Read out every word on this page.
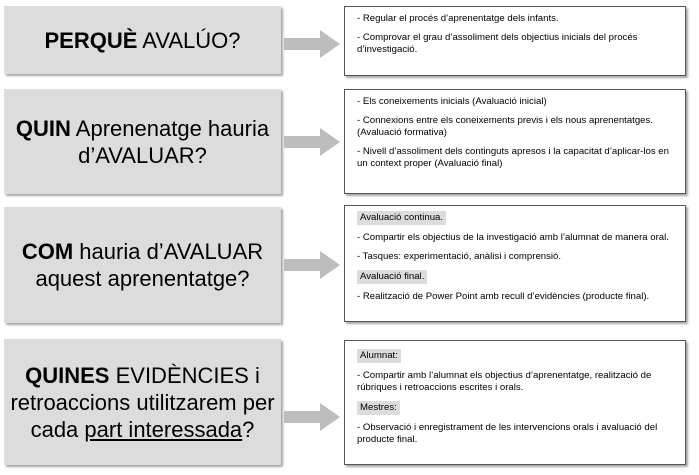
PERQUÈ AVALÚO?

- Regular el procés d’aprenentatge dels infants.

- Comprovar el grau d’assoliment dels objectius inicials del procés d’investigació.

QUIN Aprenenatge hauria d’AVALUAR?

- Els coneixements inicials (Avaluació inicial)

- Connexions entre els coneixements previs i els nous aprenentatges. (Avaluació formativa)

- Nivell d’assoliment dels continguts apresos i la capacitat d’aplicar-los en un context proper (Avaluació final)

COM hauria d’AVALUAR aquest aprenentatge?
Avaluació continua.

- Compartir els objectius de la investigació amb l’alumnat de manera oral.

- Tasques: experimentació, anàlisi i comprensió.

Avaluació final.

- Realització de Power Point amb recull d’evidències (producte final).

QUINES EVIDÈNCIES i retroaccions utilitzarem per cada part interessada?
Alumnat:

- Compartir amb l’alumnat els objectius d’aprenentatge, realització de rúbriques i retroaccions escrites i orals.

Mestres:

- Observació i enregistrament de les intervencions orals i avaluació del producte final.
